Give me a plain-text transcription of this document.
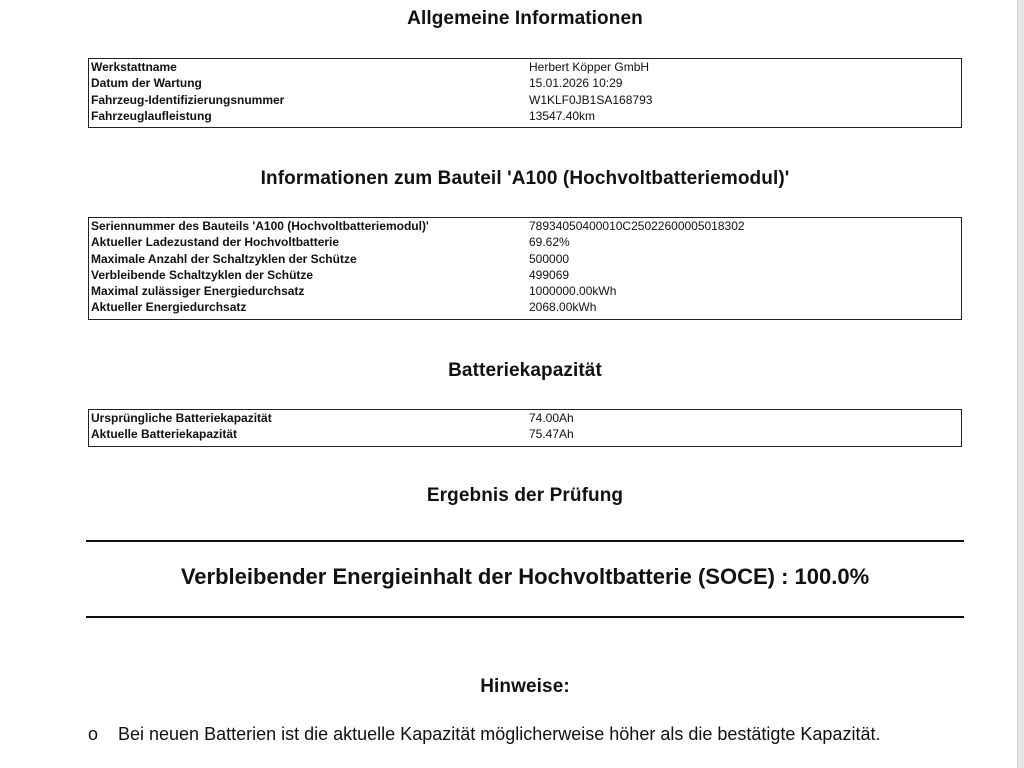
Allgemeine Informationen
Werkstattname	Herbert Köpper GmbH
Datum der Wartung	15.01.2026 10:29
Fahrzeug-Identifizierungsnummer	W1KLF0JB1SA168793
Fahrzeuglaufleistung	13547.40km
Informationen zum Bauteil 'A100 (Hochvoltbatteriemodul)'
Seriennummer des Bauteils 'A100 (Hochvoltbatteriemodul)'	78934050400010C25022600005018302
Aktueller Ladezustand der Hochvoltbatterie	69.62%
Maximale Anzahl der Schaltzyklen der Schütze	500000
Verbleibende Schaltzyklen der Schütze	499069
Maximal zulässiger Energiedurchsatz	1000000.00kWh
Aktueller Energiedurchsatz	2068.00kWh
Batteriekapazität
Ursprüngliche Batteriekapazität	74.00Ah
Aktuelle Batteriekapazität	75.47Ah
Ergebnis der Prüfung
Verbleibender Energieinhalt der Hochvoltbatterie (SOCE) : 100.0%
Hinweise:
o Bei neuen Batterien ist die aktuelle Kapazität möglicherweise höher als die bestätigte Kapazität.
